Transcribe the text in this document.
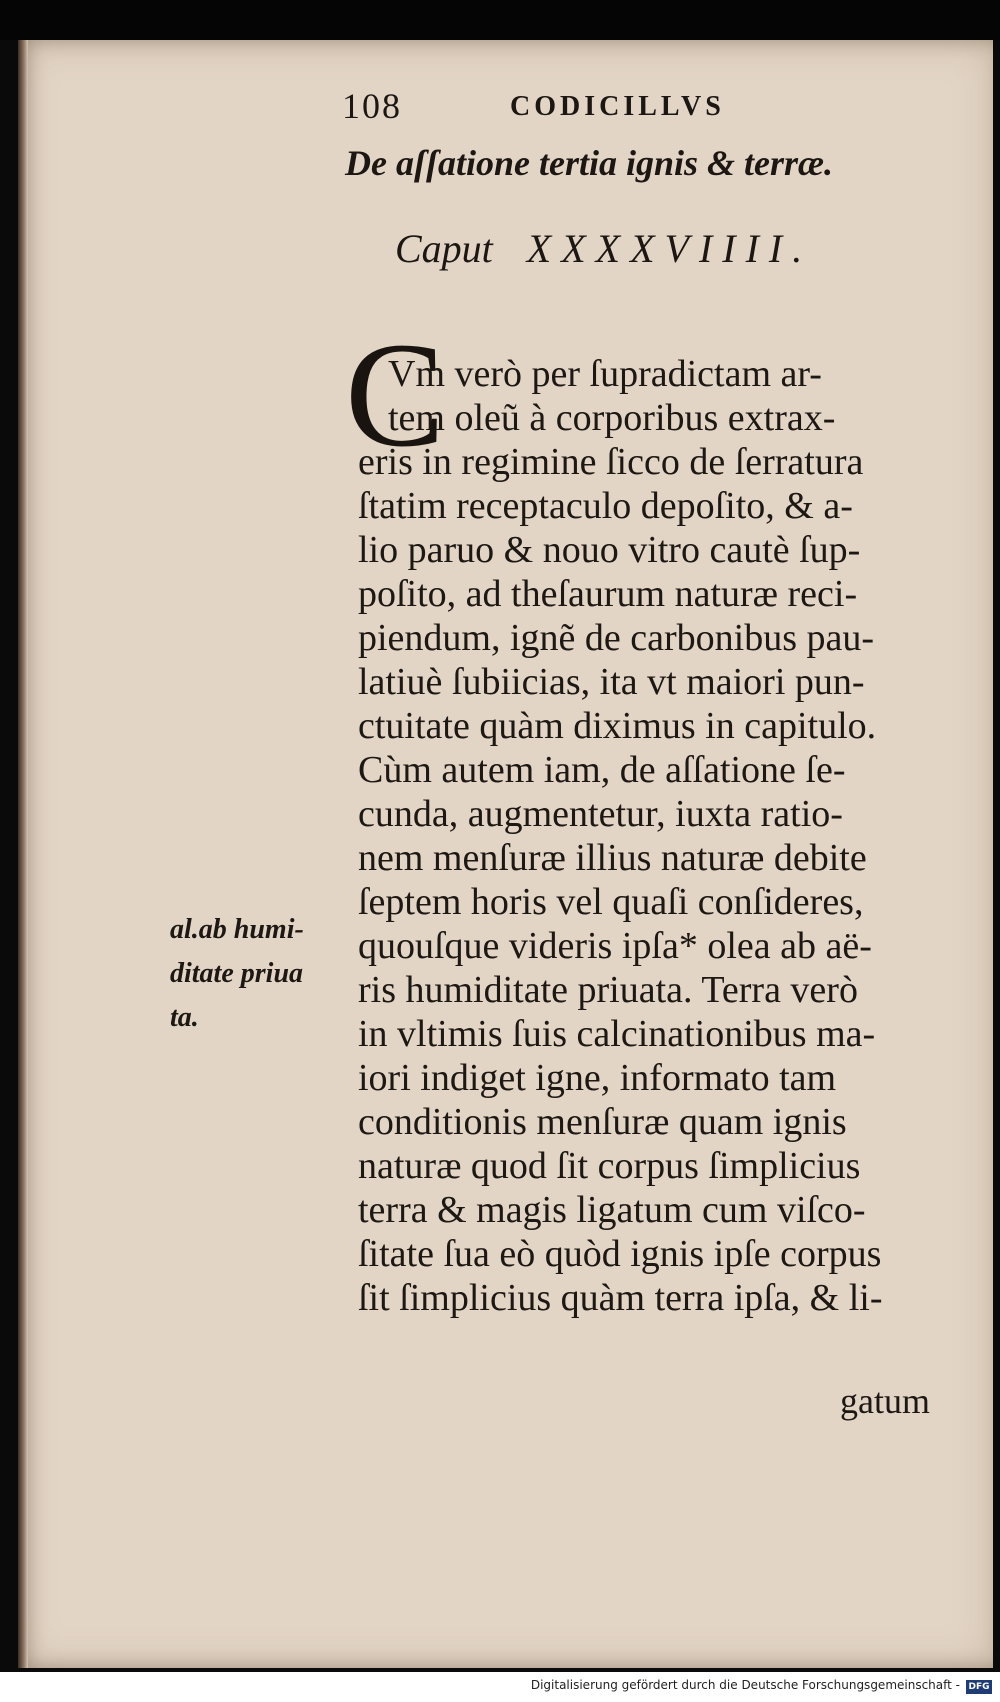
108	CODICILLVS
De aſſatione tertia ignis & terræ.
Caput XXXXVIIII.
C
Vm verò per ſupradictam ar-
tem oleũ à corporibus extrax-
eris in regimine ſicco de ſerratura
ſtatim receptaculo depoſito, & a-
lio paruo & nouo vitro cautè ſup-
poſito, ad theſaurum naturæ reci-
piendum, ignẽ de carbonibus pau-
latiuè ſubiicias, ita vt maiori pun-
ctuitate quàm diximus in capitulo.
Cùm autem iam, de aſſatione ſe-
cunda, augmentetur, iuxta ratio-
nem menſuræ illius naturæ debite
ſeptem horis vel quaſi conſideres,
quouſque videris ipſa* olea ab aë-
ris humiditate priuata. Terra verò
in vltimis ſuis calcinationibus ma-
iori indiget igne, informato tam
conditionis menſuræ quam ignis
naturæ quod ſit corpus ſimplicius
terra & magis ligatum cum viſco-
ſitate ſua eò quòd ignis ipſe corpus
ſit ſimplicius quàm terra ipſa, & li-
gatum
al.ab humi-
ditate priua
ta.
Digitalisierung gefördert durch die Deutsche Forschungsgemeinschaft - DFG
